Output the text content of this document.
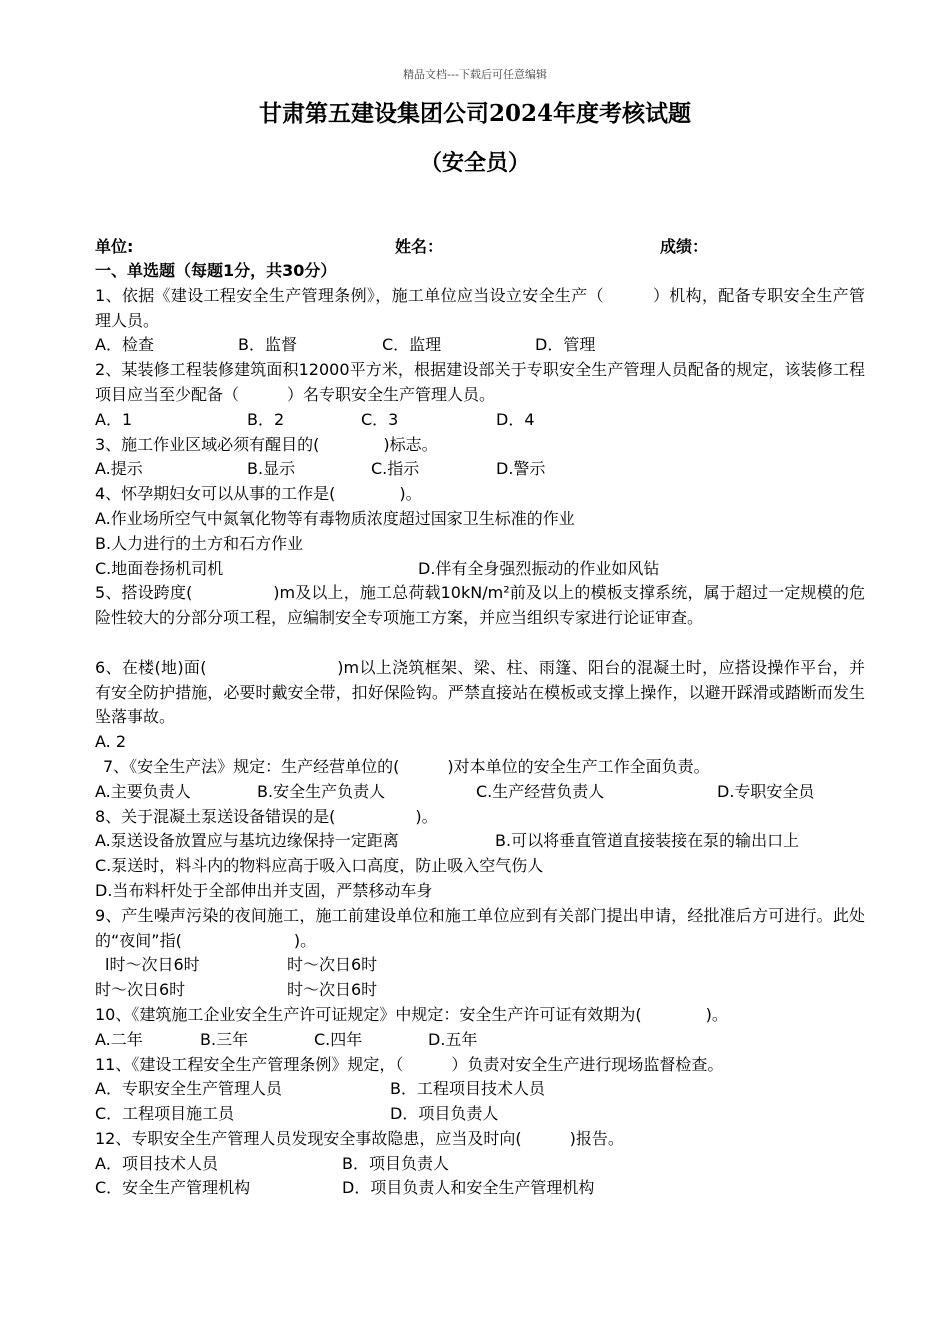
精品文档---下载后可任意编辑
甘肃第五建设集团公司2024年度考核试题
（安全员）
单位:	姓名：	成绩：
一、单选题（每题1分，共30分）
1、依据《建设工程安全生产管理条例》，施工单位应当设立安全生产（　　　）机构，配备专职安全生产管理人员。
A．检查	B．监督	C．监理	D．管理
2、某装修工程装修建筑面积12000平方米，根据建设部关于专职安全生产管理人员配备的规定，该装修工程项目应当至少配备（　　　）名专职安全生产管理人员。
A．1	B．2	C．3	D．4
3、施工作业区域必须有醒目的(　　　　)标志。
A.提示	B.显示	C.指示	D.警示
4、怀孕期妇女可以从事的工作是(　　　　)。
A.作业场所空气中氮氧化物等有毒物质浓度超过国家卫生标准的作业
B.人力进行的土方和石方作业
C.地面卷扬机司机	D.伴有全身强烈振动的作业如风钻
5、搭设跨度(　　　　　)m及以上，施工总荷载10kN/m²前及以上的模板支撑系统，属于超过一定规模的危险性较大的分部分项工程，应编制安全专项施工方案，并应当组织专家进行论证审查。
6、在楼(地)面(　　　　　　　　)m以上浇筑框架、梁、柱、雨篷、阳台的混凝土时，应搭设操作平台，并有安全防护措施，必要时戴安全带，扣好保险钩。严禁直接站在模板或支撑上操作，以避开踩滑或踏断而发生坠落事故。
A. 2
7、《安全生产法》规定：生产经营单位的(　　　)对本单位的安全生产工作全面负责。
A.主要负责人	B.安全生产负责人	C.生产经营负责人	D.专职安全员
8、关于混凝土泵送设备错误的是(　　　　　)。
A.泵送设备放置应与基坑边缘保持一定距离	B.可以将垂直管道直接装接在泵的输出口上
C.泵送时，料斗内的物料应高于吸入口高度，防止吸入空气伤人
D.当布料杆处于全部伸出并支固，严禁移动车身
9、产生噪声污染的夜间施工，施工前建设单位和施工单位应到有关部门提出申请，经批准后方可进行。此处的“夜间”指(　　　　　　　)。
l时～次日6时	时～次日6时
时～次日6时	时～次日6时
10、《建筑施工企业安全生产许可证规定》中规定：安全生产许可证有效期为(　　　　)。
A.二年	B.三年	C.四年	D.五年
11、《建设工程安全生产管理条例》规定，（　　　）负责对安全生产进行现场监督检查。
A．专职安全生产管理人员	B．工程项目技术人员
C．工程项目施工员	D．项目负责人
12、专职安全生产管理人员发现安全事故隐患，应当及时向(　　　)报告。
A．项目技术人员	B．项目负责人
C．安全生产管理机构	D．项目负责人和安全生产管理机构
